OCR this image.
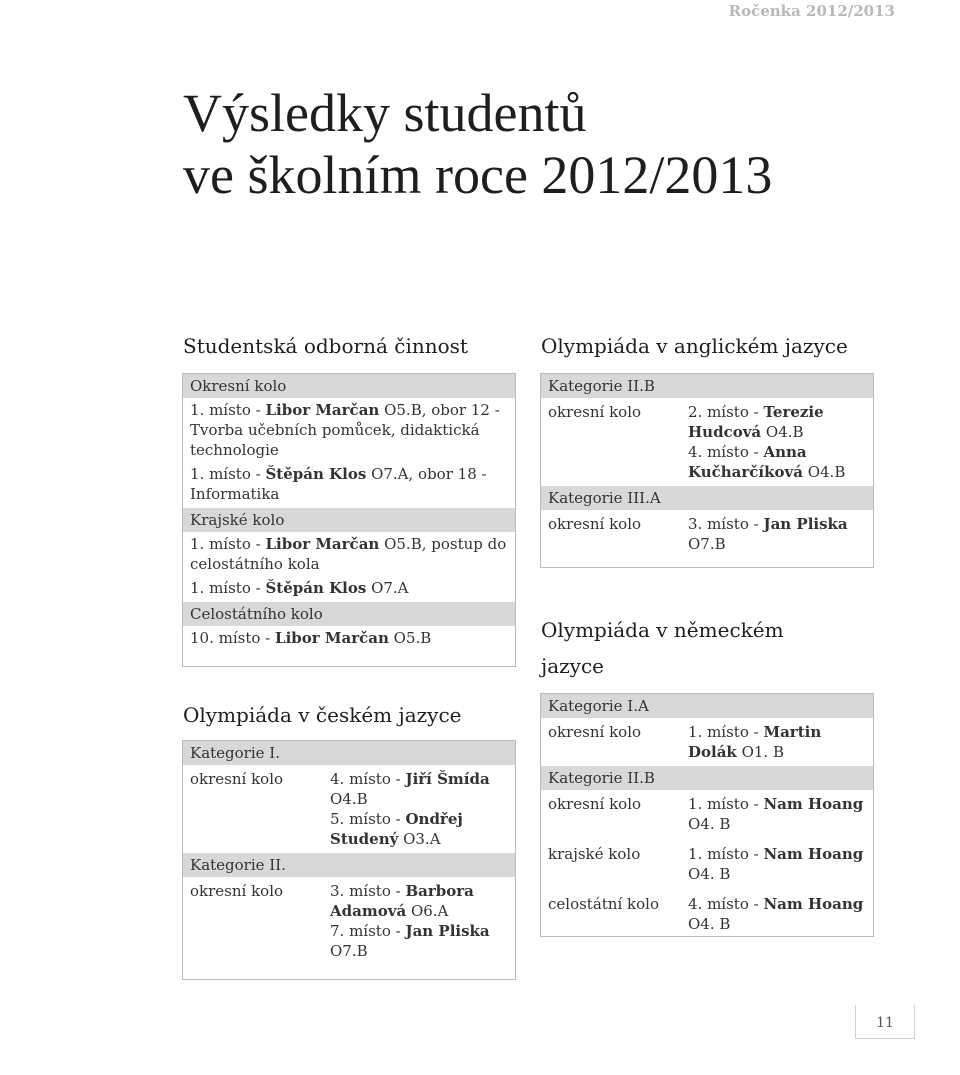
Ročenka 2012/2013
Výsledky studentů
ve školním roce 2012/2013
Studentská odborná činnost
Okresní kolo
1. místo - Libor Marčan O5.B, obor 12 - Tvorba učebních pomůcek, didaktická technologie
1. místo - Štěpán Klos O7.A, obor 18 - Informatika
Krajské kolo
1. místo - Libor Marčan O5.B, postup do celostátního kola
1. místo - Štěpán Klos O7.A
Celostátního kolo
10. místo - Libor Marčan O5.B
Olympiáda v českém jazyce
Kategorie I.
okresní kolo	4. místo - Jiří Šmída O4.B
5. místo - Ondřej Studený O3.A
Kategorie II.
okresní kolo	3. místo - Barbora Adamová O6.A
7. místo - Jan Pliska O7.B
Olympiáda v anglickém jazyce
Kategorie II.B
okresní kolo	2. místo - Terezie Hudcová O4.B
4. místo - Anna Kučharčíková O4.B
Kategorie III.A
okresní kolo	3. místo - Jan Pliska O7.B
Olympiáda v německém
jazyce
Kategorie I.A
okresní kolo	1. místo - Martin Dolák O1. B
Kategorie II.B
okresní kolo	1. místo - Nam Hoang O4. B
krajské kolo	1. místo - Nam Hoang O4. B
celostátní kolo	4. místo - Nam Hoang O4. B
11
